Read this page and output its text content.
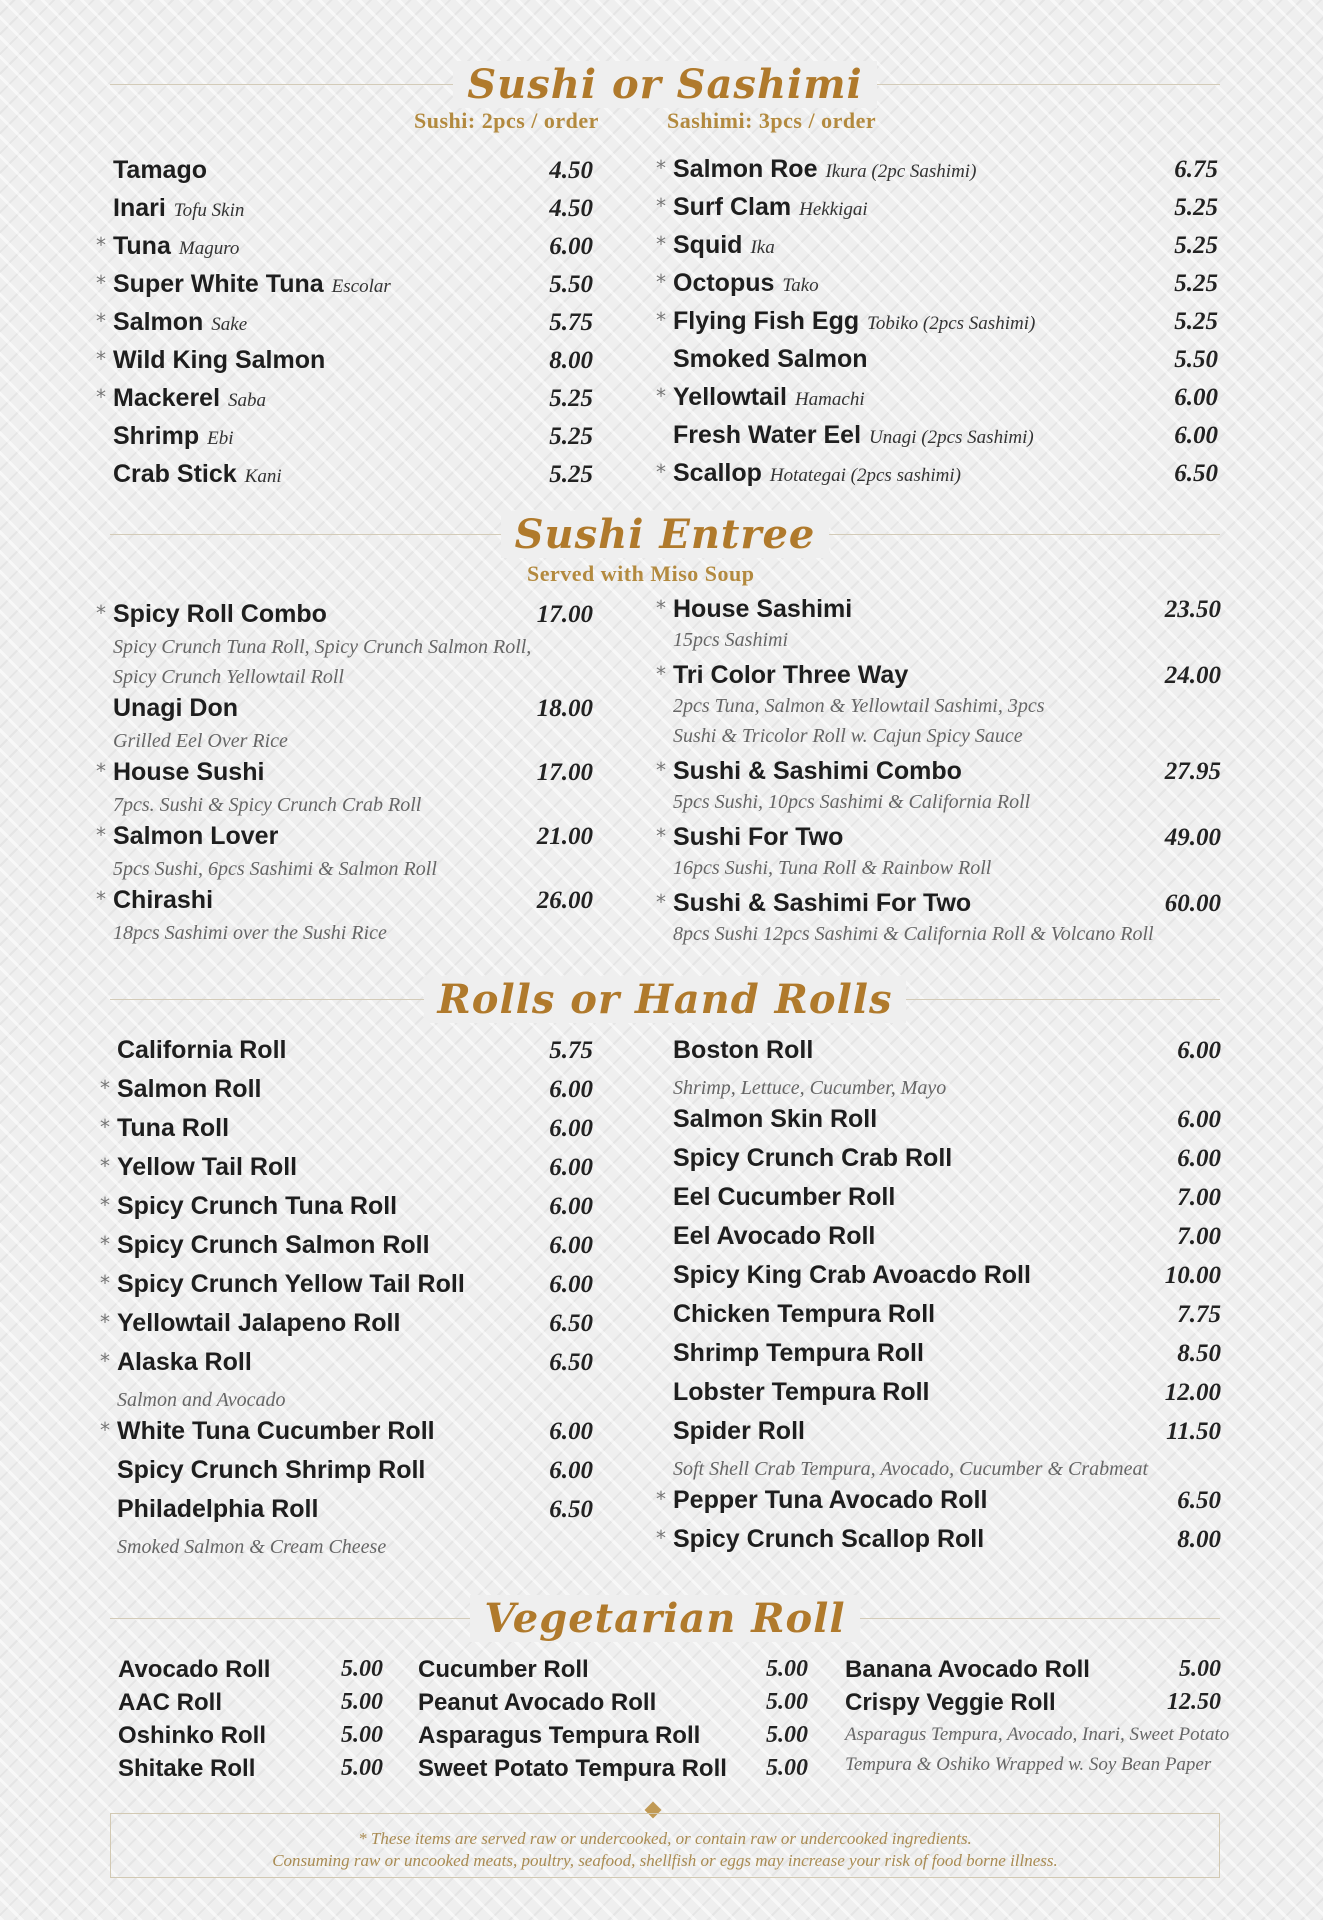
Sushi or Sashimi
Sushi: 2pcs / order	Sashimi: 3pcs / order
Tamago	4.50
Inari Tofu Skin	4.50
* Tuna Maguro	6.00
* Super White Tuna Escolar	5.50
* Salmon Sake	5.75
* Wild King Salmon	8.00
* Mackerel Saba	5.25
Shrimp Ebi	5.25
Crab Stick Kani	5.25
* Salmon Roe Ikura (2pc Sashimi)	6.75
* Surf Clam Hekkigai	5.25
* Squid Ika	5.25
* Octopus Tako	5.25
* Flying Fish Egg Tobiko (2pcs Sashimi)	5.25
Smoked Salmon	5.50
* Yellowtail Hamachi	6.00
Fresh Water Eel Unagi (2pcs Sashimi)	6.00
* Scallop Hotategai (2pcs sashimi)	6.50
Sushi Entree
Served with Miso Soup
* Spicy Roll Combo	17.00
Spicy Crunch Tuna Roll, Spicy Crunch Salmon Roll,
Spicy Crunch Yellowtail Roll
Unagi Don	18.00
Grilled Eel Over Rice
* House Sushi	17.00
7pcs. Sushi & Spicy Crunch Crab Roll
* Salmon Lover	21.00
5pcs Sushi, 6pcs Sashimi & Salmon Roll
* Chirashi	26.00
18pcs Sashimi over the Sushi Rice
* House Sashimi	23.50
15pcs Sashimi
* Tri Color Three Way	24.00
2pcs Tuna, Salmon & Yellowtail Sashimi, 3pcs
Sushi & Tricolor Roll w. Cajun Spicy Sauce
* Sushi & Sashimi Combo	27.95
5pcs Sushi, 10pcs Sashimi & California Roll
* Sushi For Two	49.00
16pcs Sushi, Tuna Roll & Rainbow Roll
* Sushi & Sashimi For Two	60.00
8pcs Sushi 12pcs Sashimi & California Roll & Volcano Roll
Rolls or Hand Rolls
California Roll	5.75
* Salmon Roll	6.00
* Tuna Roll	6.00
* Yellow Tail Roll	6.00
* Spicy Crunch Tuna Roll	6.00
* Spicy Crunch Salmon Roll	6.00
* Spicy Crunch Yellow Tail Roll	6.00
* Yellowtail Jalapeno Roll	6.50
* Alaska Roll	6.50
Salmon and Avocado
* White Tuna Cucumber Roll	6.00
Spicy Crunch Shrimp Roll	6.00
Philadelphia Roll	6.50
Smoked Salmon & Cream Cheese
Boston Roll	6.00
Shrimp, Lettuce, Cucumber, Mayo
Salmon Skin Roll	6.00
Spicy Crunch Crab Roll	6.00
Eel Cucumber Roll	7.00
Eel Avocado Roll	7.00
Spicy King Crab Avoacdo Roll	10.00
Chicken Tempura Roll	7.75
Shrimp Tempura Roll	8.50
Lobster Tempura Roll	12.00
Spider Roll	11.50
Soft Shell Crab Tempura, Avocado, Cucumber & Crabmeat
* Pepper Tuna Avocado Roll	6.50
* Spicy Crunch Scallop Roll	8.00
Vegetarian Roll
Avocado Roll	5.00
AAC Roll	5.00
Oshinko Roll	5.00
Shitake Roll	5.00
Cucumber Roll	5.00
Peanut Avocado Roll	5.00
Asparagus Tempura Roll	5.00
Sweet Potato Tempura Roll 5.00
Banana Avocado Roll	5.00
Crispy Veggie Roll	12.50
Asparagus Tempura, Avocado, Inari, Sweet Potato
Tempura & Oshiko Wrapped w. Soy Bean Paper
* These items are served raw or undercooked, or contain raw or undercooked ingredients.
Consuming raw or uncooked meats, poultry, seafood, shellfish or eggs may increase your risk of food borne illness.
